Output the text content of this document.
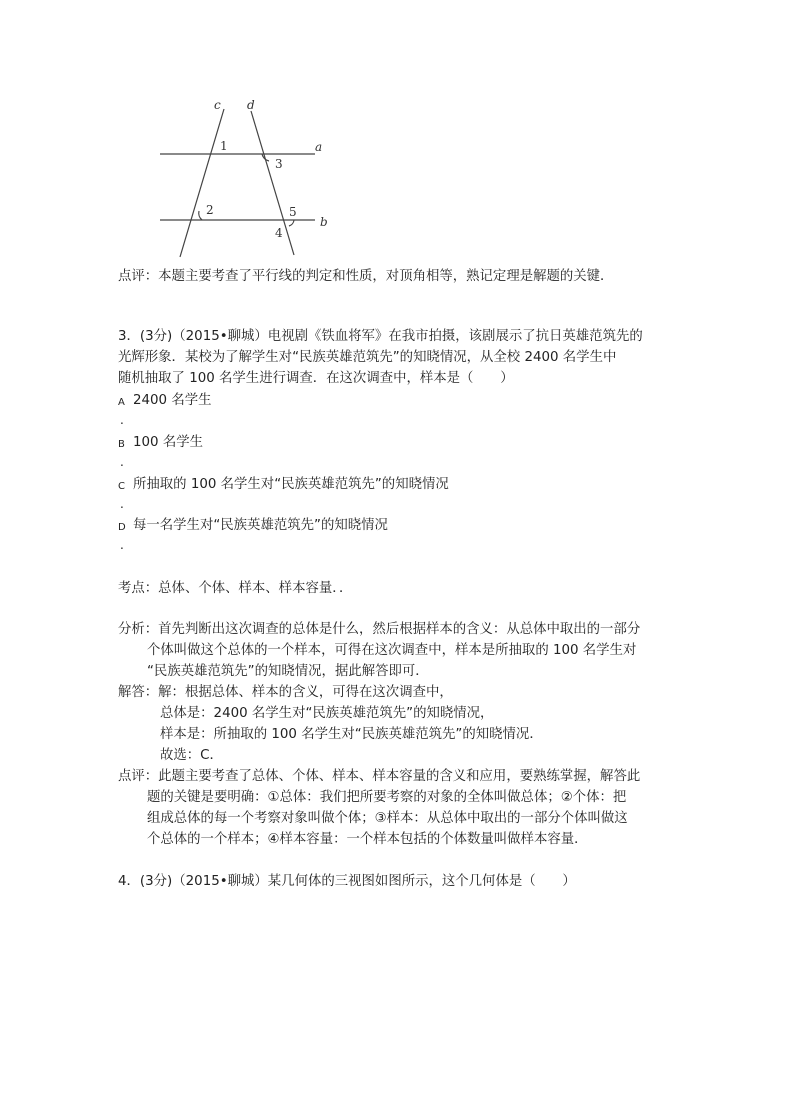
c d
a
b
1
3
2	5
4
点评：本题主要考查了平行线的判定和性质，对顶角相等，熟记定理是解题的关键．
3．(3分)（2015•聊城）电视剧《铁血将军》在我市拍摄，该剧展示了抗日英雄范筑先的
光辉形象．某校为了解学生对“民族英雄范筑先”的知晓情况，从全校 2400 名学生中
随机抽取了 100 名学生进行调查．在这次调查中，样本是（　　）
A 2400 名学生
.
B 100 名学生
.
C 所抽取的 100 名学生对“民族英雄范筑先”的知晓情况
.
D 每一名学生对“民族英雄范筑先”的知晓情况
.
考点：总体、个体、样本、样本容量．．
分析：首先判断出这次调查的总体是什么，然后根据样本的含义：从总体中取出的一部分
个体叫做这个总体的一个样本，可得在这次调查中，样本是所抽取的 100 名学生对
“民族英雄范筑先”的知晓情况，据此解答即可．
解答：解：根据总体、样本的含义，可得在这次调查中，
总体是：2400 名学生对“民族英雄范筑先”的知晓情况，
样本是：所抽取的 100 名学生对“民族英雄范筑先”的知晓情况．
故选：C．
点评：此题主要考查了总体、个体、样本、样本容量的含义和应用，要熟练掌握，解答此
题的关键是要明确：①总体：我们把所要考察的对象的全体叫做总体；②个体：把
组成总体的每一个考察对象叫做个体；③样本：从总体中取出的一部分个体叫做这
个总体的一个样本；④样本容量：一个样本包括的个体数量叫做样本容量．
4．(3分)（2015•聊城）某几何体的三视图如图所示，这个几何体是（　　）
